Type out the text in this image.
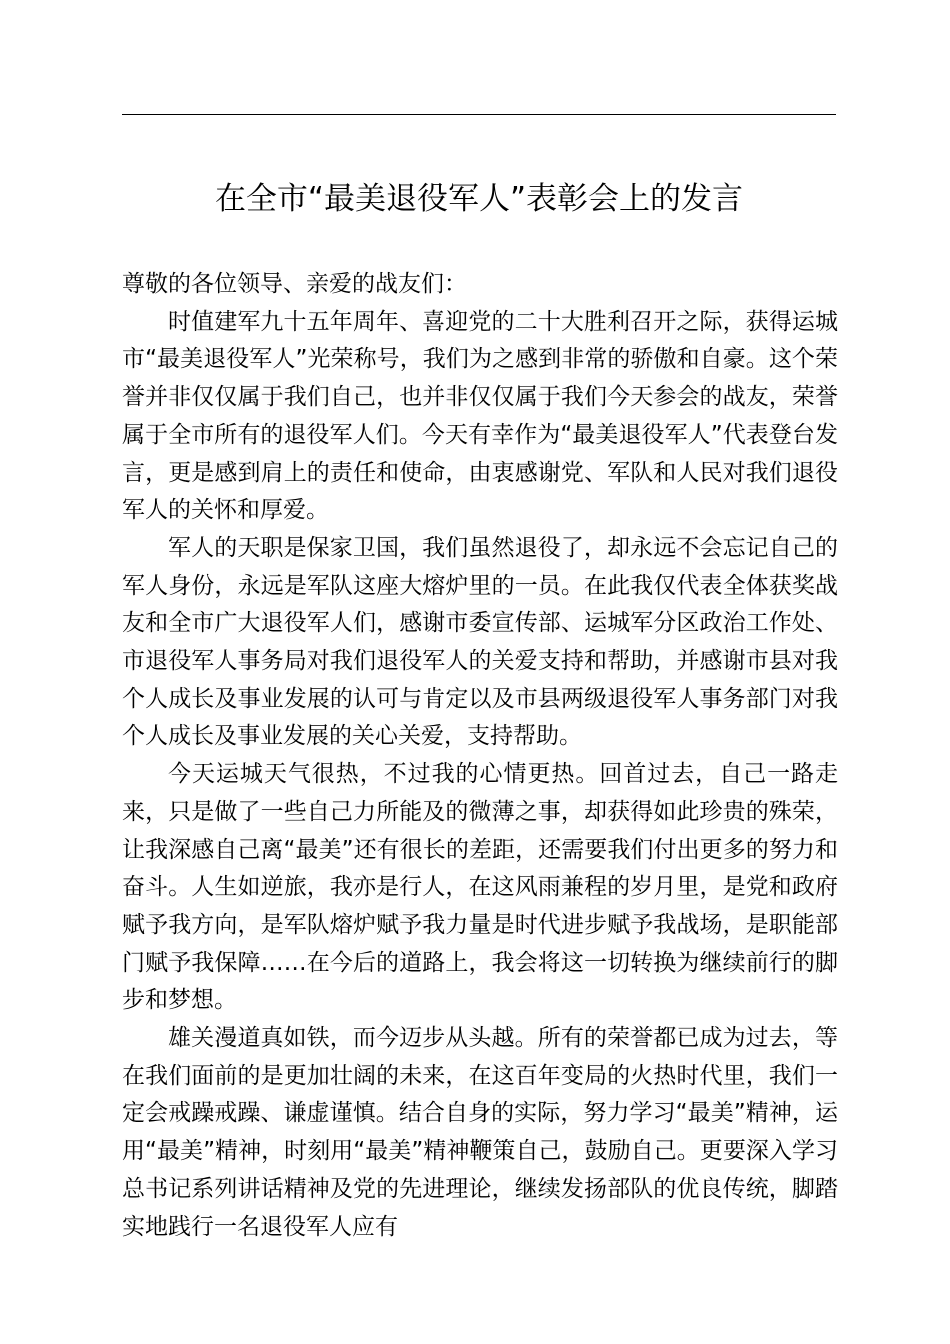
在全市“最美退役军人”表彰会上的发言

尊敬的各位领导、亲爱的战友们：

时值建军九十五年周年、喜迎党的二十大胜利召开之际，获得运城市“最美退役军人”光荣称号，我们为之感到非常的骄傲和自豪。这个荣誉并非仅仅属于我们自己，也并非仅仅属于我们今天参会的战友，荣誉属于全市所有的退役军人们。今天有幸作为“最美退役军人”代表登台发言，更是感到肩上的责任和使命，由衷感谢党、军队和人民对我们退役军人的关怀和厚爱。

军人的天职是保家卫国，我们虽然退役了，却永远不会忘记自己的军人身份，永远是军队这座大熔炉里的一员。在此我仅代表全体获奖战友和全市广大退役军人们，感谢市委宣传部、运城军分区政治工作处、市退役军人事务局对我们退役军人的关爱支持和帮助，并感谢市县对我个人成长及事业发展的认可与肯定以及市县两级退役军人事务部门对我个人成长及事业发展的关心关爱，支持帮助。

今天运城天气很热，不过我的心情更热。回首过去，自己一路走来，只是做了一些自己力所能及的微薄之事，却获得如此珍贵的殊荣，让我深感自己离“最美”还有很长的差距，还需要我们付出更多的努力和奋斗。人生如逆旅，我亦是行人，在这风雨兼程的岁月里，是党和政府赋予我方向，是军队熔炉赋予我力量是时代进步赋予我战场，是职能部门赋予我保障……在今后的道路上，我会将这一切转换为继续前行的脚步和梦想。

雄关漫道真如铁，而今迈步从头越。所有的荣誉都已成为过去，等在我们面前的是更加壮阔的未来，在这百年变局的火热时代里，我们一定会戒躁戒躁、谦虚谨慎。结合自身的实际，努力学习“最美”精神，运用“最美”精神，时刻用“最美”精神鞭策自己，鼓励自己。更要深入学习总书记系列讲话精神及党的先进理论，继续发扬部队的优良传统，脚踏实地践行一名退役军人应有
